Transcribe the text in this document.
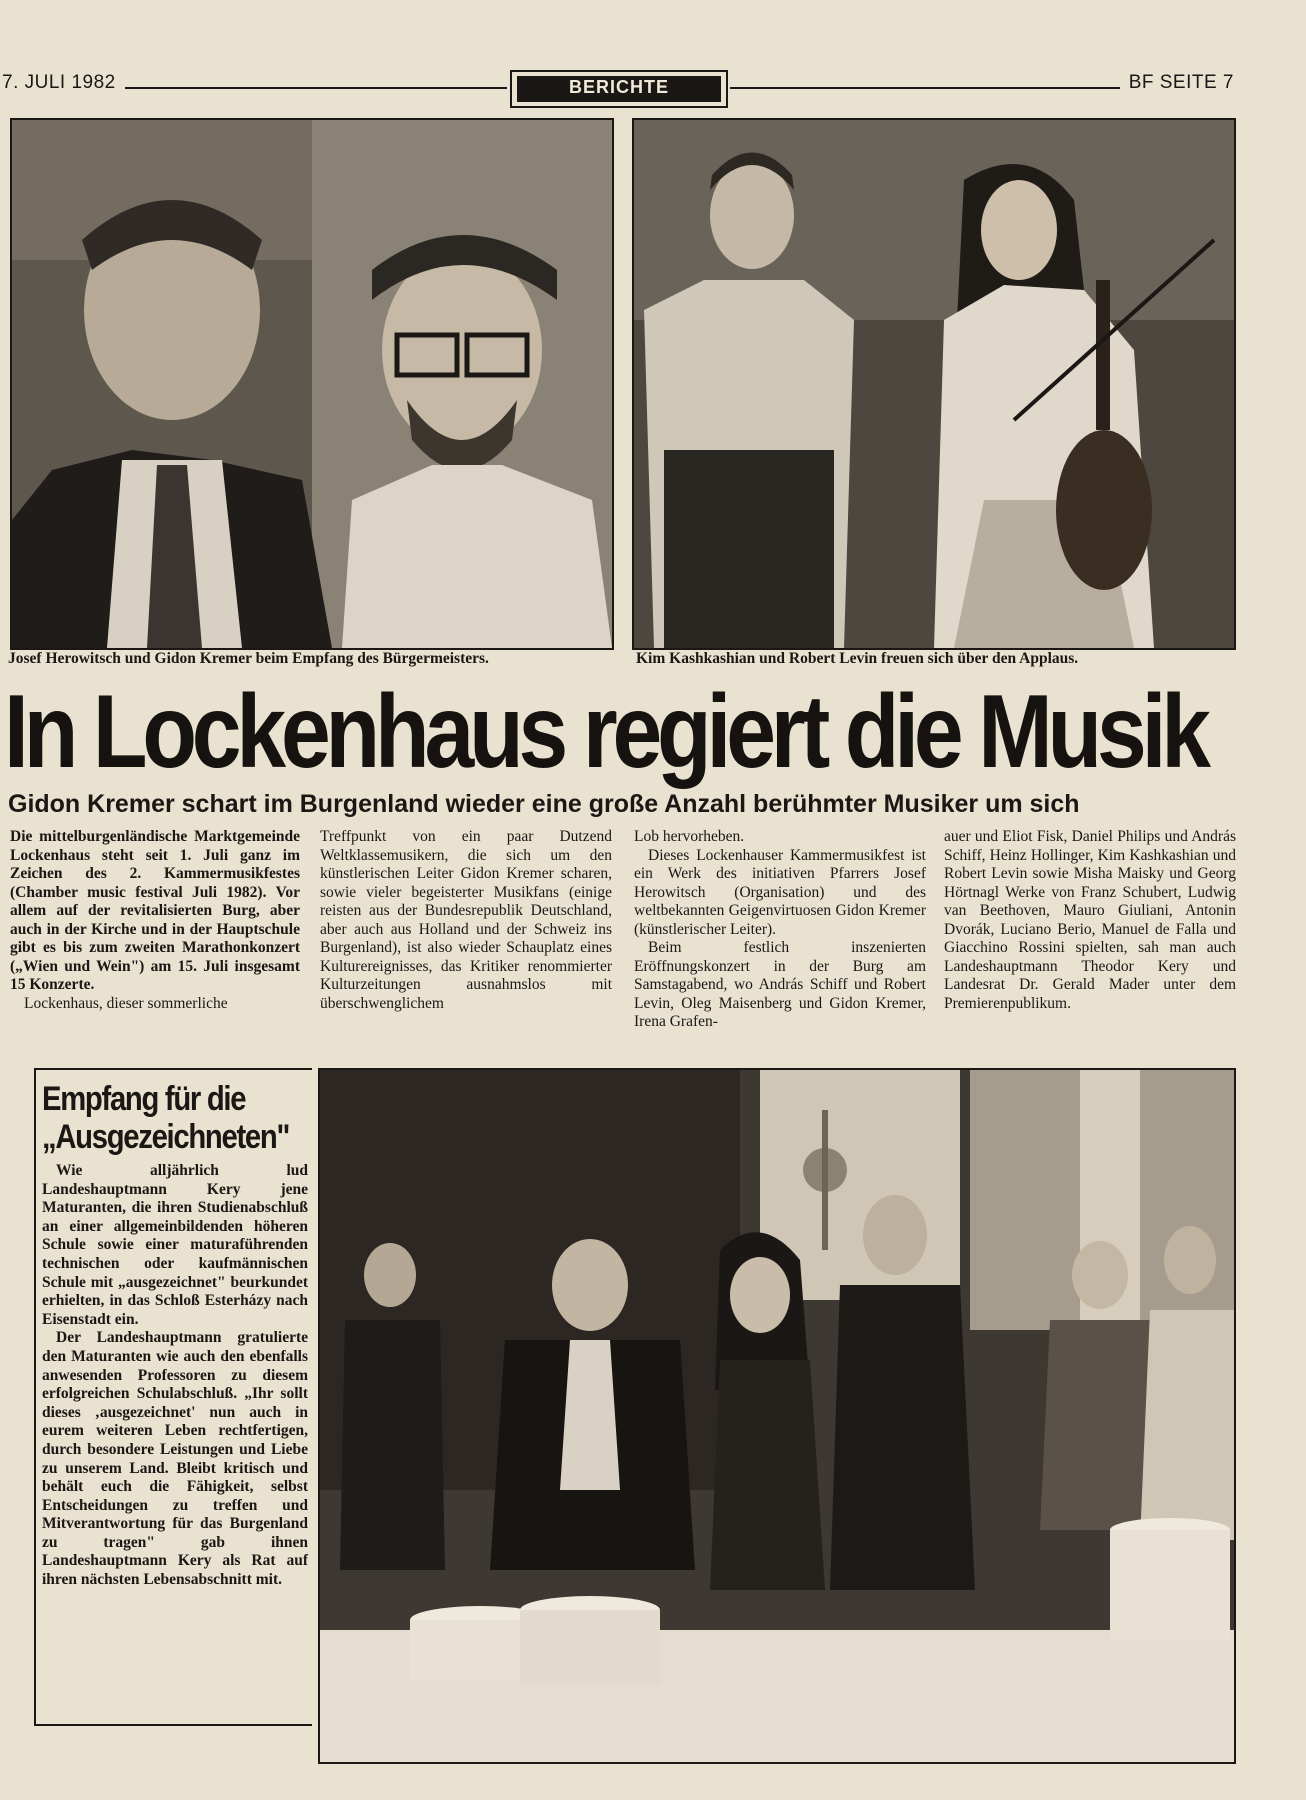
7. JULI 1982	BERICHTE	BF SEITE 7
Josef Herowitsch und Gidon Kremer beim Empfang des Bürgermeisters.	Kim Kashkashian und Robert Levin freuen sich über den Applaus.
In Lockenhaus regiert die Musik
Gidon Kremer schart im Burgenland wieder eine große Anzahl berühmter Musiker um sich

Die mittelburgenländische Marktgemeinde Lockenhaus steht seit 1. Juli ganz im Zeichen des 2. Kammermusikfestes (Chamber music festival Juli 1982). Vor allem auf der revitalisierten Burg, aber auch in der Kirche und in der Hauptschule gibt es bis zum zweiten Marathonkonzert („Wien und Wein") am 15. Juli insgesamt 15 Konzerte.

Lockenhaus, dieser sommerliche

Treffpunkt von ein paar Dutzend Weltklassemusikern, die sich um den künstlerischen Leiter Gidon Kremer scharen, sowie vieler begeisterter Musikfans (einige reisten aus der Bundesrepublik Deutschland, aber auch aus Holland und der Schweiz ins Burgenland), ist also wieder Schauplatz eines Kulturereignisses, das Kritiker renommierter Kulturzeitungen ausnahmslos mit überschwenglichem

Lob hervorheben.

Dieses Lockenhauser Kammermusikfest ist ein Werk des initiativen Pfarrers Josef Herowitsch (Organisation) und des weltbekannten Geigenvirtuosen Gidon Kremer (künstlerischer Leiter).

Beim festlich inszenierten Eröffnungskonzert in der Burg am Samstagabend, wo András Schiff und Robert Levin, Oleg Maisenberg und Gidon Kremer, Irena Grafen-

auer und Eliot Fisk, Daniel Philips und András Schiff, Heinz Hollinger, Kim Kashkashian und Robert Levin sowie Misha Maisky und Georg Hörtnagl Werke von Franz Schubert, Ludwig van Beethoven, Mauro Giuliani, Antonin Dvorák, Luciano Berio, Manuel de Falla und Giacchino Rossini spielten, sah man auch Landeshauptmann Theodor Kery und Landesrat Dr. Gerald Mader unter dem Premierenpublikum.

Empfang für die
„Ausgezeichneten"

Wie alljährlich lud Landeshauptmann Kery jene Maturanten, die ihren Studienabschluß an einer allgemeinbildenden höheren Schule sowie einer maturaführenden technischen oder kaufmännischen Schule mit „ausgezeichnet" beurkundet erhielten, in das Schloß Esterházy nach Eisenstadt ein.

Der Landeshauptmann gratulierte den Maturanten wie auch den ebenfalls anwesenden Professoren zu diesem erfolgreichen Schulabschluß. „Ihr sollt dieses ‚ausgezeichnet' nun auch in eurem weiteren Leben rechtfertigen, durch besondere Leistungen und Liebe zu unserem Land. Bleibt kritisch und behält euch die Fähigkeit, selbst Entscheidungen zu treffen und Mitverantwortung für das Burgenland zu tragen" gab ihnen Landeshauptmann Kery als Rat auf ihren nächsten Lebensabschnitt mit.
